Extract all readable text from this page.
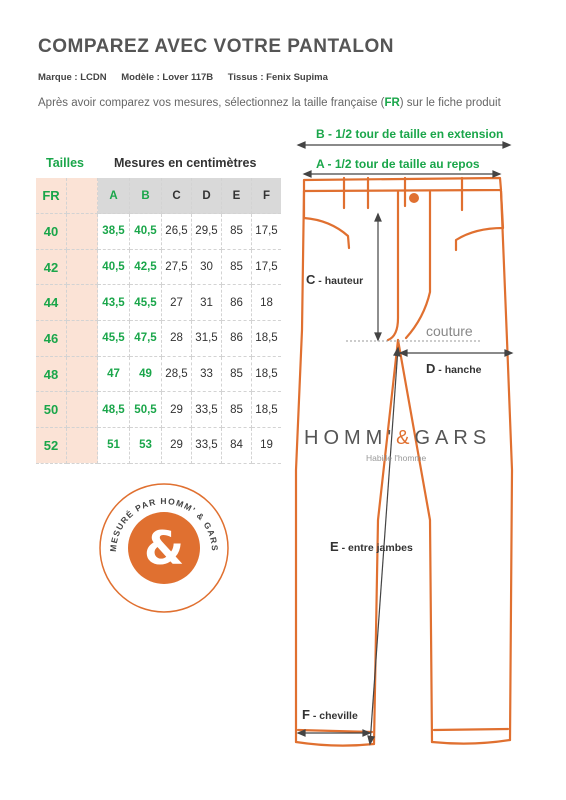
COMPAREZ AVEC VOTRE PANTALON
Marque : LCDN Modèle : Lover 117B Tissus : Fenix Supima
Après avoir comparez vos mesures, sélectionnez la taille française (FR) sur le fiche produit
Tailles Mesures en centimètres
FR		A	B	C	D	E	F
40		38,5	40,5	26,5	29,5	85	17,5
42		40,5	42,5	27,5	30	85	17,5
44		43,5	45,5	27	31	86	18
46		45,5	47,5	28	31,5	86	18,5
48		47	49	28,5	33	85	18,5
50		48,5	50,5	29	33,5	85	18,5
52		51	53	29	33,5	84	19
MESURÉ PAR HOMM' & GARS
&
B - 1/2 tour de taille en extension
A - 1/2 tour de taille au repos
C - hauteur
couture
D - hanche
E - entre jambes
F - cheville
HOMM'&GARS
Habille l'homme
